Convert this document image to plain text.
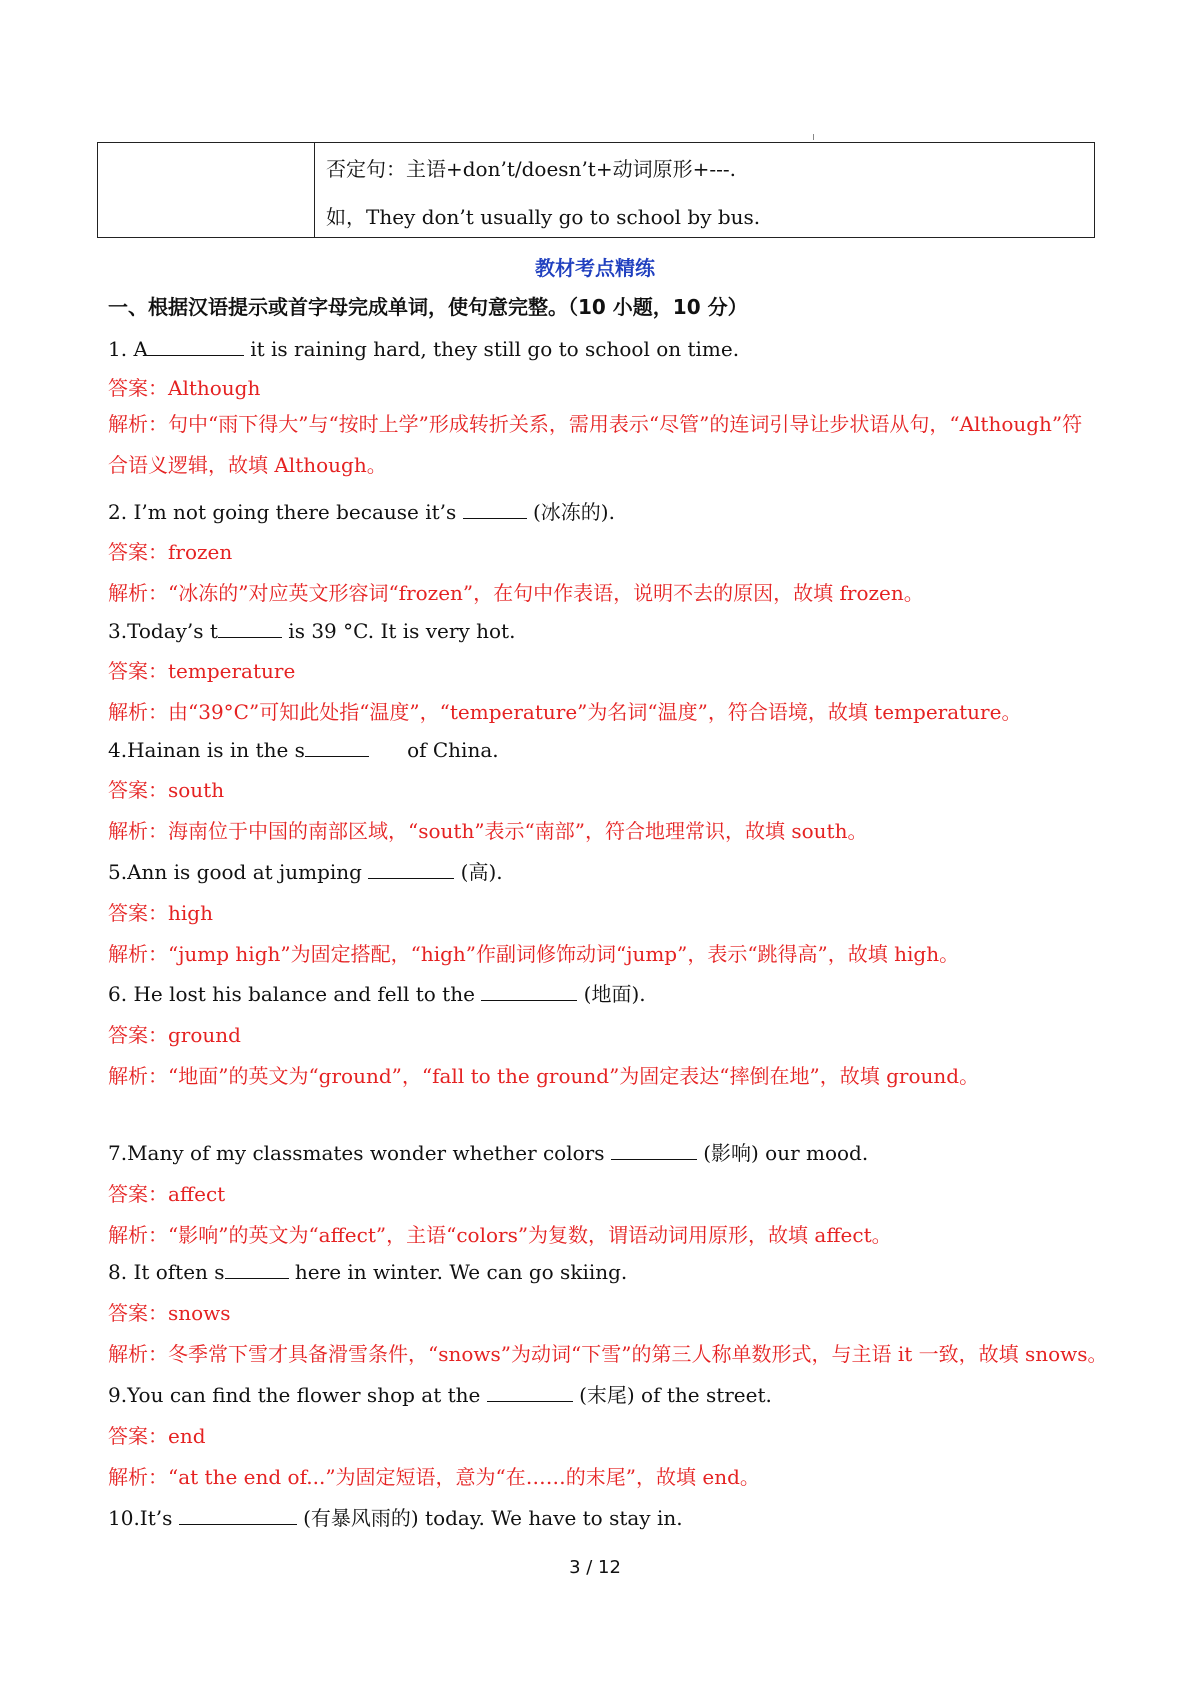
否定句：主语+don’t/doesn’t+动词原形+---.
如，They don’t usually go to school by bus.
教材考点精练
一、根据汉语提示或首字母完成单词，使句意完整。（10 小题，10 分）
1. A	it is raining hard, they still go to school on time.
答案：Although
解析：句中“雨下得大”与“按时上学”形成转折关系，需用表示“尽管”的连词引导让步状语从句，“Although”符合语义逻辑，故填 Although。
2. I’m not going there because it’s	(冰冻的).
答案：frozen
解析：“冰冻的”对应英文形容词“frozen”，在句中作表语，说明不去的原因，故填 frozen。
3.Today’s t	is 39 °C. It is very hot.
答案：temperature
解析：由“39°C”可知此处指“温度”，“temperature”为名词“温度”，符合语境，故填 temperature。
4.Hainan is in the s	of China.
答案：south
解析：海南位于中国的南部区域，“south”表示“南部”，符合地理常识，故填 south。
5.Ann is good at jumping	(高).
答案：high
解析：“jump high”为固定搭配，“high”作副词修饰动词“jump”，表示“跳得高”，故填 high。
6. He lost his balance and fell to the	(地面).
答案：ground
解析：“地面”的英文为“ground”，“fall to the ground”为固定表达“摔倒在地”，故填 ground。
7.Many of my classmates wonder whether colors	(影响) our mood.
答案：affect
解析：“影响”的英文为“affect”，主语“colors”为复数，谓语动词用原形，故填 affect。
8. It often s	here in winter. We can go skiing.
答案：snows
解析：冬季常下雪才具备滑雪条件，“snows”为动词“下雪”的第三人称单数形式，与主语 it 一致，故填 snows。
9.You can find the flower shop at the	(末尾) of the street.
答案：end
解析：“at the end of...”为固定短语，意为“在……的末尾”，故填 end。
10.It’s	(有暴风雨的) today. We have to stay in.
3 / 12
